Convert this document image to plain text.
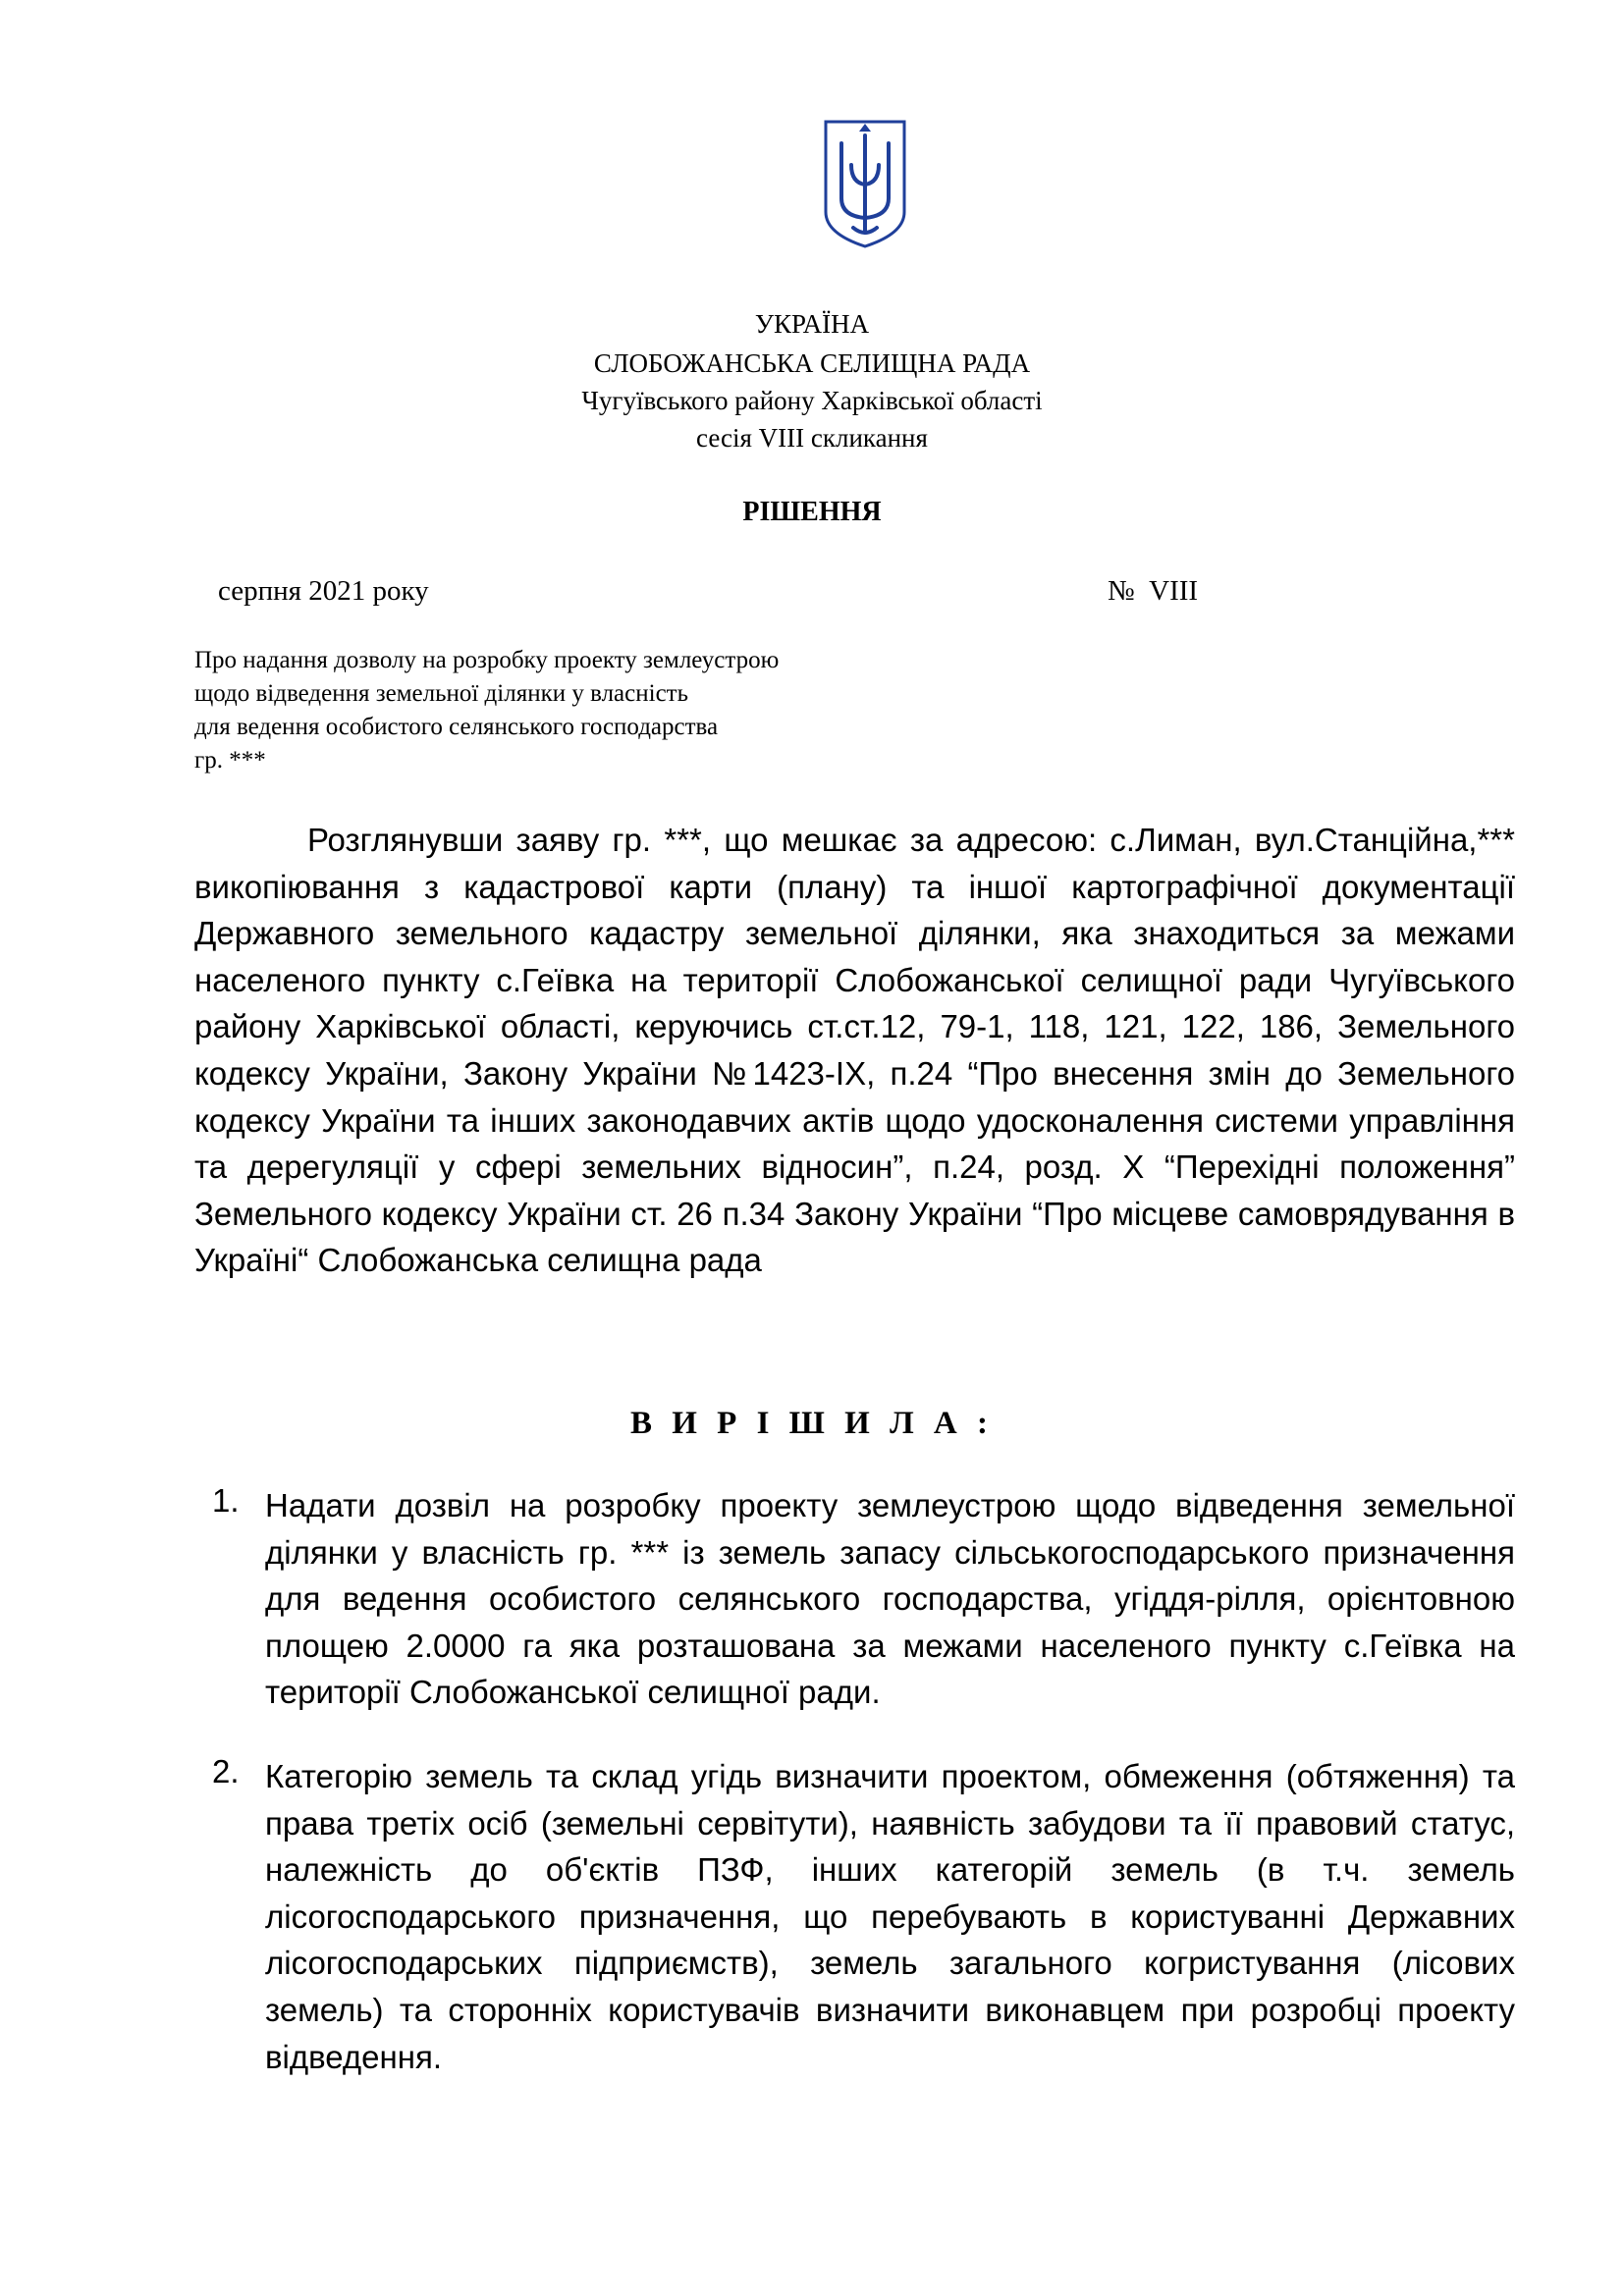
УКРАЇНА
СЛОБОЖАНСЬКА СЕЛИЩНА РАДА
Чугуївського району Харківської області
сесія VIII скликання
РІШЕННЯ
серпня 2021 року	№ VIII
Про надання дозволу на розробку проекту землеустрою
щодо відведення земельної ділянки у власність
для ведення особистого селянського господарства
гр. ***
Розглянувши заяву гр. ***, що мешкає за адресою: с.Лиман, вул.Станційна,*** викопіювання з кадастрової карти (плану) та іншої картографічної документації Державного земельного кадастру земельної ділянки, яка знаходиться за межами населеного пункту с.Геївка на території Слобожанської селищної ради Чугуївського району Харківської області, керуючись ст.ст.12, 79-1, 118, 121, 122, 186, Земельного кодексу України, Закону України №1423-IX, п.24 “Про внесення змін до Земельного кодексу України та інших законодавчих актів щодо удосконалення системи управління та дерегуляції у сфері земельних відносин”, п.24, розд. X “Перехідні положення” Земельного кодексу України ст. 26 п.34 Закону України “Про місцеве самоврядування в Україні“ Слобожанська селищна рада
В И Р І Ш И Л А :
1. Надати дозвіл на розробку проекту землеустрою щодо відведення земельної ділянки у власність гр. *** із земель запасу сільськогосподарського призначення для ведення особистого селянського господарства, угіддя-рілля, орієнтовною площею 2.0000 га яка розташована за межами населеного пункту с.Геївка на території Слобожанської селищної ради.
2. Категорію земель та склад угідь визначити проектом, обмеження (обтяження) та права третіх осіб (земельні сервітути), наявність забудови та її правовий статус, належність до об'єктів ПЗФ, інших категорій земель (в т.ч. земель лісогосподарського призначення, що перебувають в користуванні Державних лісогосподарських підприємств), земель загального когристування (лісових земель) та сторонніх користувачів визначити виконавцем при розробці проекту відведення.
